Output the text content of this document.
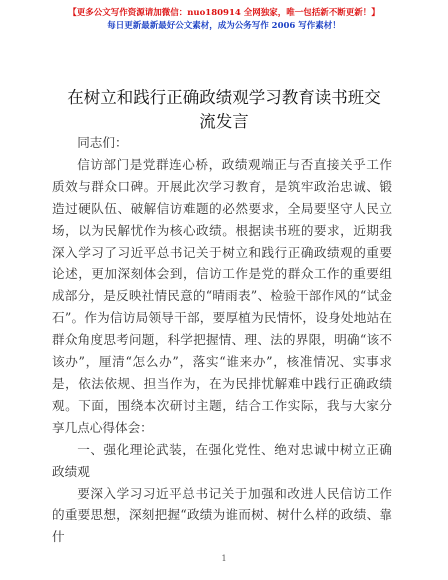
【更多公文写作资源请加微信：nuo180914 全网独家，唯一包括新不断更新！】
每日更新最新最好公文素材，成为公务写作 2006 写作素材！
在树立和践行正确政绩观学习教育读书班交流发言

同志们：

信访部门是党群连心桥，政绩观端正与否直接关乎工作质效与群众口碑。开展此次学习教育，是筑牢政治忠诚、锻造过硬队伍、破解信访难题的必然要求，全局要坚守人民立场，以为民解忧作为核心政绩。根据读书班的要求，近期我深入学习了习近平总书记关于树立和践行正确政绩观的重要论述，更加深刻体会到，信访工作是党的群众工作的重要组成部分，是反映社情民意的“晴雨表”、检验干部作风的“试金石”。作为信访局领导干部，要厚植为民情怀，设身处地站在群众角度思考问题，科学把握情、理、法的界限，明确“该不该办”，厘清“怎么办”，落实“谁来办”，核准情况、实事求是，依法依规、担当作为，在为民排忧解难中践行正确政绩观。下面，围绕本次研讨主题，结合工作实际，我与大家分享几点心得体会：

一、强化理论武装，在强化党性、绝对忠诚中树立正确政绩观

要深入学习习近平总书记关于加强和改进人民信访工作的重要思想，深刻把握“政绩为谁而树、树什么样的政绩、靠什

1
